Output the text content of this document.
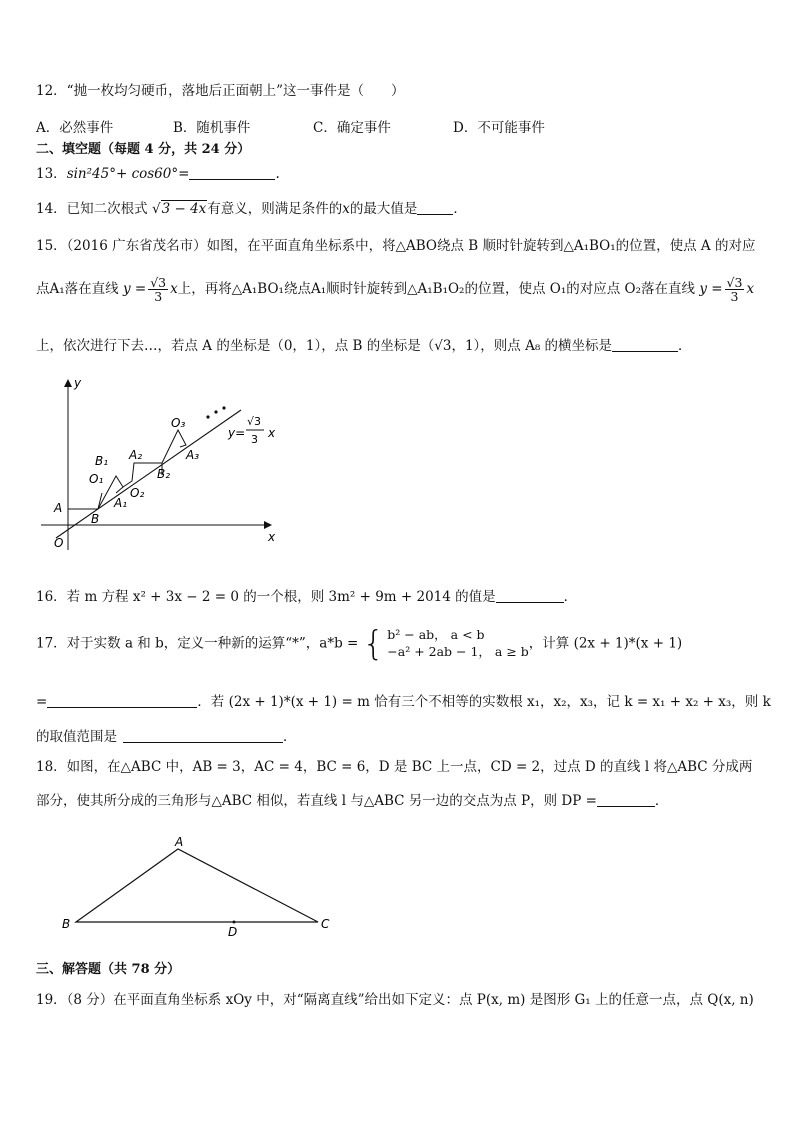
12．“抛一枚均匀硬币，落地后正面朝上”这一事件是（　　）
A．必然事件	B．随机事件	C．确定事件	D．不可能事件
二、填空题（每题 4 分，共 24 分）
13．sin²45°+ cos60°=	.
14．已知二次根式 √3 − 4x有意义，则满足条件的x的最大值是	．
15．（2016 广东省茂名市）如图，在平面直角坐标系中，将△ABO绕点 B 顺时针旋转到△A₁BO₁的位置，使点 A 的对应
点A₁落在直线 $y = \frac{√3}{3}$ x上，再将△A₁BO₁绕点A₁顺时针旋转到△A₁B₁O₂的位置，使点 O₁的对应点 O₂落在直线 $y = \frac{√3}{3}$ x
上，依次进行下去…，若点 A 的坐标是（0，1），点 B 的坐标是（√3，1），则点 A₈ 的横坐标是	．
x
y
O
A
B
O₁
B₁
A₁
O₂
A₂
B₂
O₃
A₃
y=
√3
3 x
16．若 m 方程 x² + 3x − 2 = 0 的一个根，则 3m² + 9m + 2014 的值是	．
17．对于实数 a 和 b，定义一种新的运算“*”，a*b = { b² − ab， a < b
−a² + 2ab − 1， a ≥ b ，计算 (2x + 1)*(x + 1)
=	．若 (2x + 1)*(x + 1) = m 恰有三个不相等的实数根 x₁，x₂，x₃，记 k = x₁ + x₂ + x₃，则 k
的取值范围是	．
18．如图，在△ABC 中，AB = 3，AC = 4，BC = 6，D 是 BC 上一点，CD = 2，过点 D 的直线 l 将△ABC 分成两
部分，使其所分成的三角形与△ABC 相似，若直线 l 与△ABC 另一边的交点为点 P，则 DP =	．
A
B	C
D
三、解答题（共 78 分）
19．（8 分）在平面直角坐标系 xOy 中，对“隔离直线”给出如下定义：点 P(x, m) 是图形 G₁ 上的任意一点，点 Q(x, n)
